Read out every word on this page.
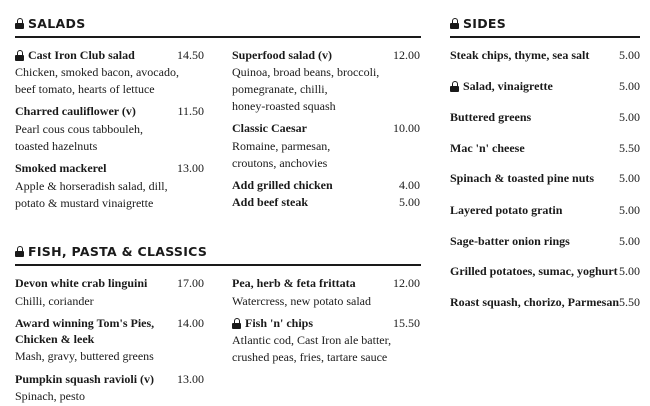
SALADS
Cast Iron Club salad	14.50
Chicken, smoked bacon, avocado,
beef tomato, hearts of lettuce
Charred cauliflower (v)	11.50
Pearl cous cous tabbouleh,
toasted hazelnuts
Smoked mackerel	13.00
Apple & horseradish salad, dill,
potato & mustard vinaigrette
Superfood salad (v)	12.00
Quinoa, broad beans, broccoli,
pomegranate, chilli,
honey-roasted squash
Classic Caesar	10.00
Romaine, parmesan,
croutons, anchovies
Add grilled chicken	4.00
Add beef steak	5.00
FISH, PASTA & CLASSICS
Devon white crab linguini	17.00
Chilli, coriander
Award winning Tom's Pies,	14.00
Chicken & leek
Mash, gravy, buttered greens
Pumpkin squash ravioli (v)	13.00
Spinach, pesto
Pea, herb & feta frittata	12.00
Watercress, new potato salad
Fish 'n' chips	15.50
Atlantic cod, Cast Iron ale batter,
crushed peas, fries, tartare sauce
SIDES
Steak chips, thyme, sea salt	5.00
Salad, vinaigrette	5.00
Buttered greens	5.00
Mac 'n' cheese	5.50
Spinach & toasted pine nuts	5.00
Layered potato gratin	5.00
Sage-batter onion rings	5.00
Grilled potatoes, sumac, yoghurt 5.00
Roast squash, chorizo, Parmesan 5.50
